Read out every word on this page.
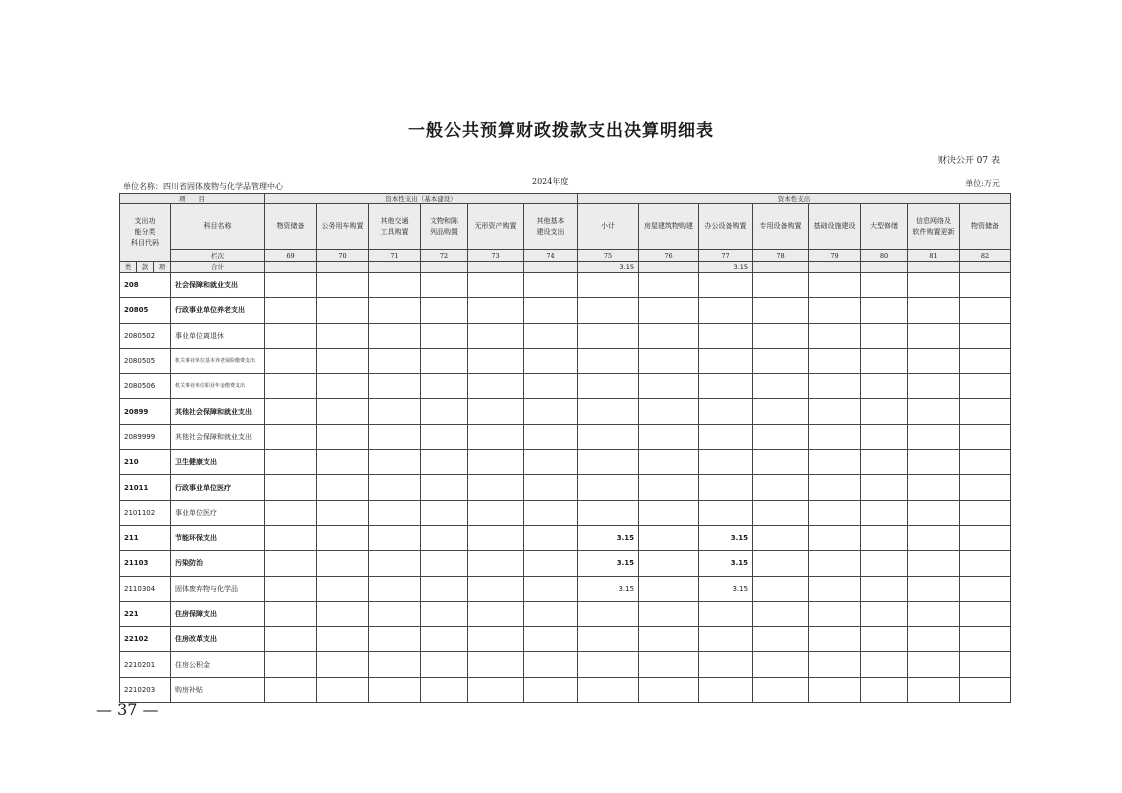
一般公共预算财政拨款支出决算明细表
财决公开 07 表
单位名称：四川省固体废物与化学品管理中心
2024年度	单位:万元
项　　目				资本性支出（基本建设）						资本性支出							

支出功
能分类
科目代码			科目名称	物资储备	公务用车购置	其他交通
工具购置	文物和陈
列品购置	无形资产购置	其他基本
建设支出	小计	房屋建筑物购建	办公设备购置	专用设备购置	基础设施建设	大型修缮	信息网络及
软件购置更新	物资储备

			栏次	69	70	71	72	73	74	75	76	77	78	79	80	81	82
类	款	项	合计							3.15		3.15					
208			社会保障和就业支出														
20805			行政事业单位养老支出														
2080502			事业单位离退休														
2080505			机关事业单位基本养老保险缴费支出														
2080506			机关事业单位职业年金缴费支出														
20899			其他社会保障和就业支出														
2089999			其他社会保障和就业支出														
210			卫生健康支出														
21011			行政事业单位医疗														
2101102			事业单位医疗														
211			节能环保支出							3.15		3.15					
21103			污染防治							3.15		3.15					
2110304			固体废弃物与化学品							3.15		3.15					
221			住房保障支出														
22102			住房改革支出														
2210201			住房公积金														
2210203			购房补贴														
— 37 —
